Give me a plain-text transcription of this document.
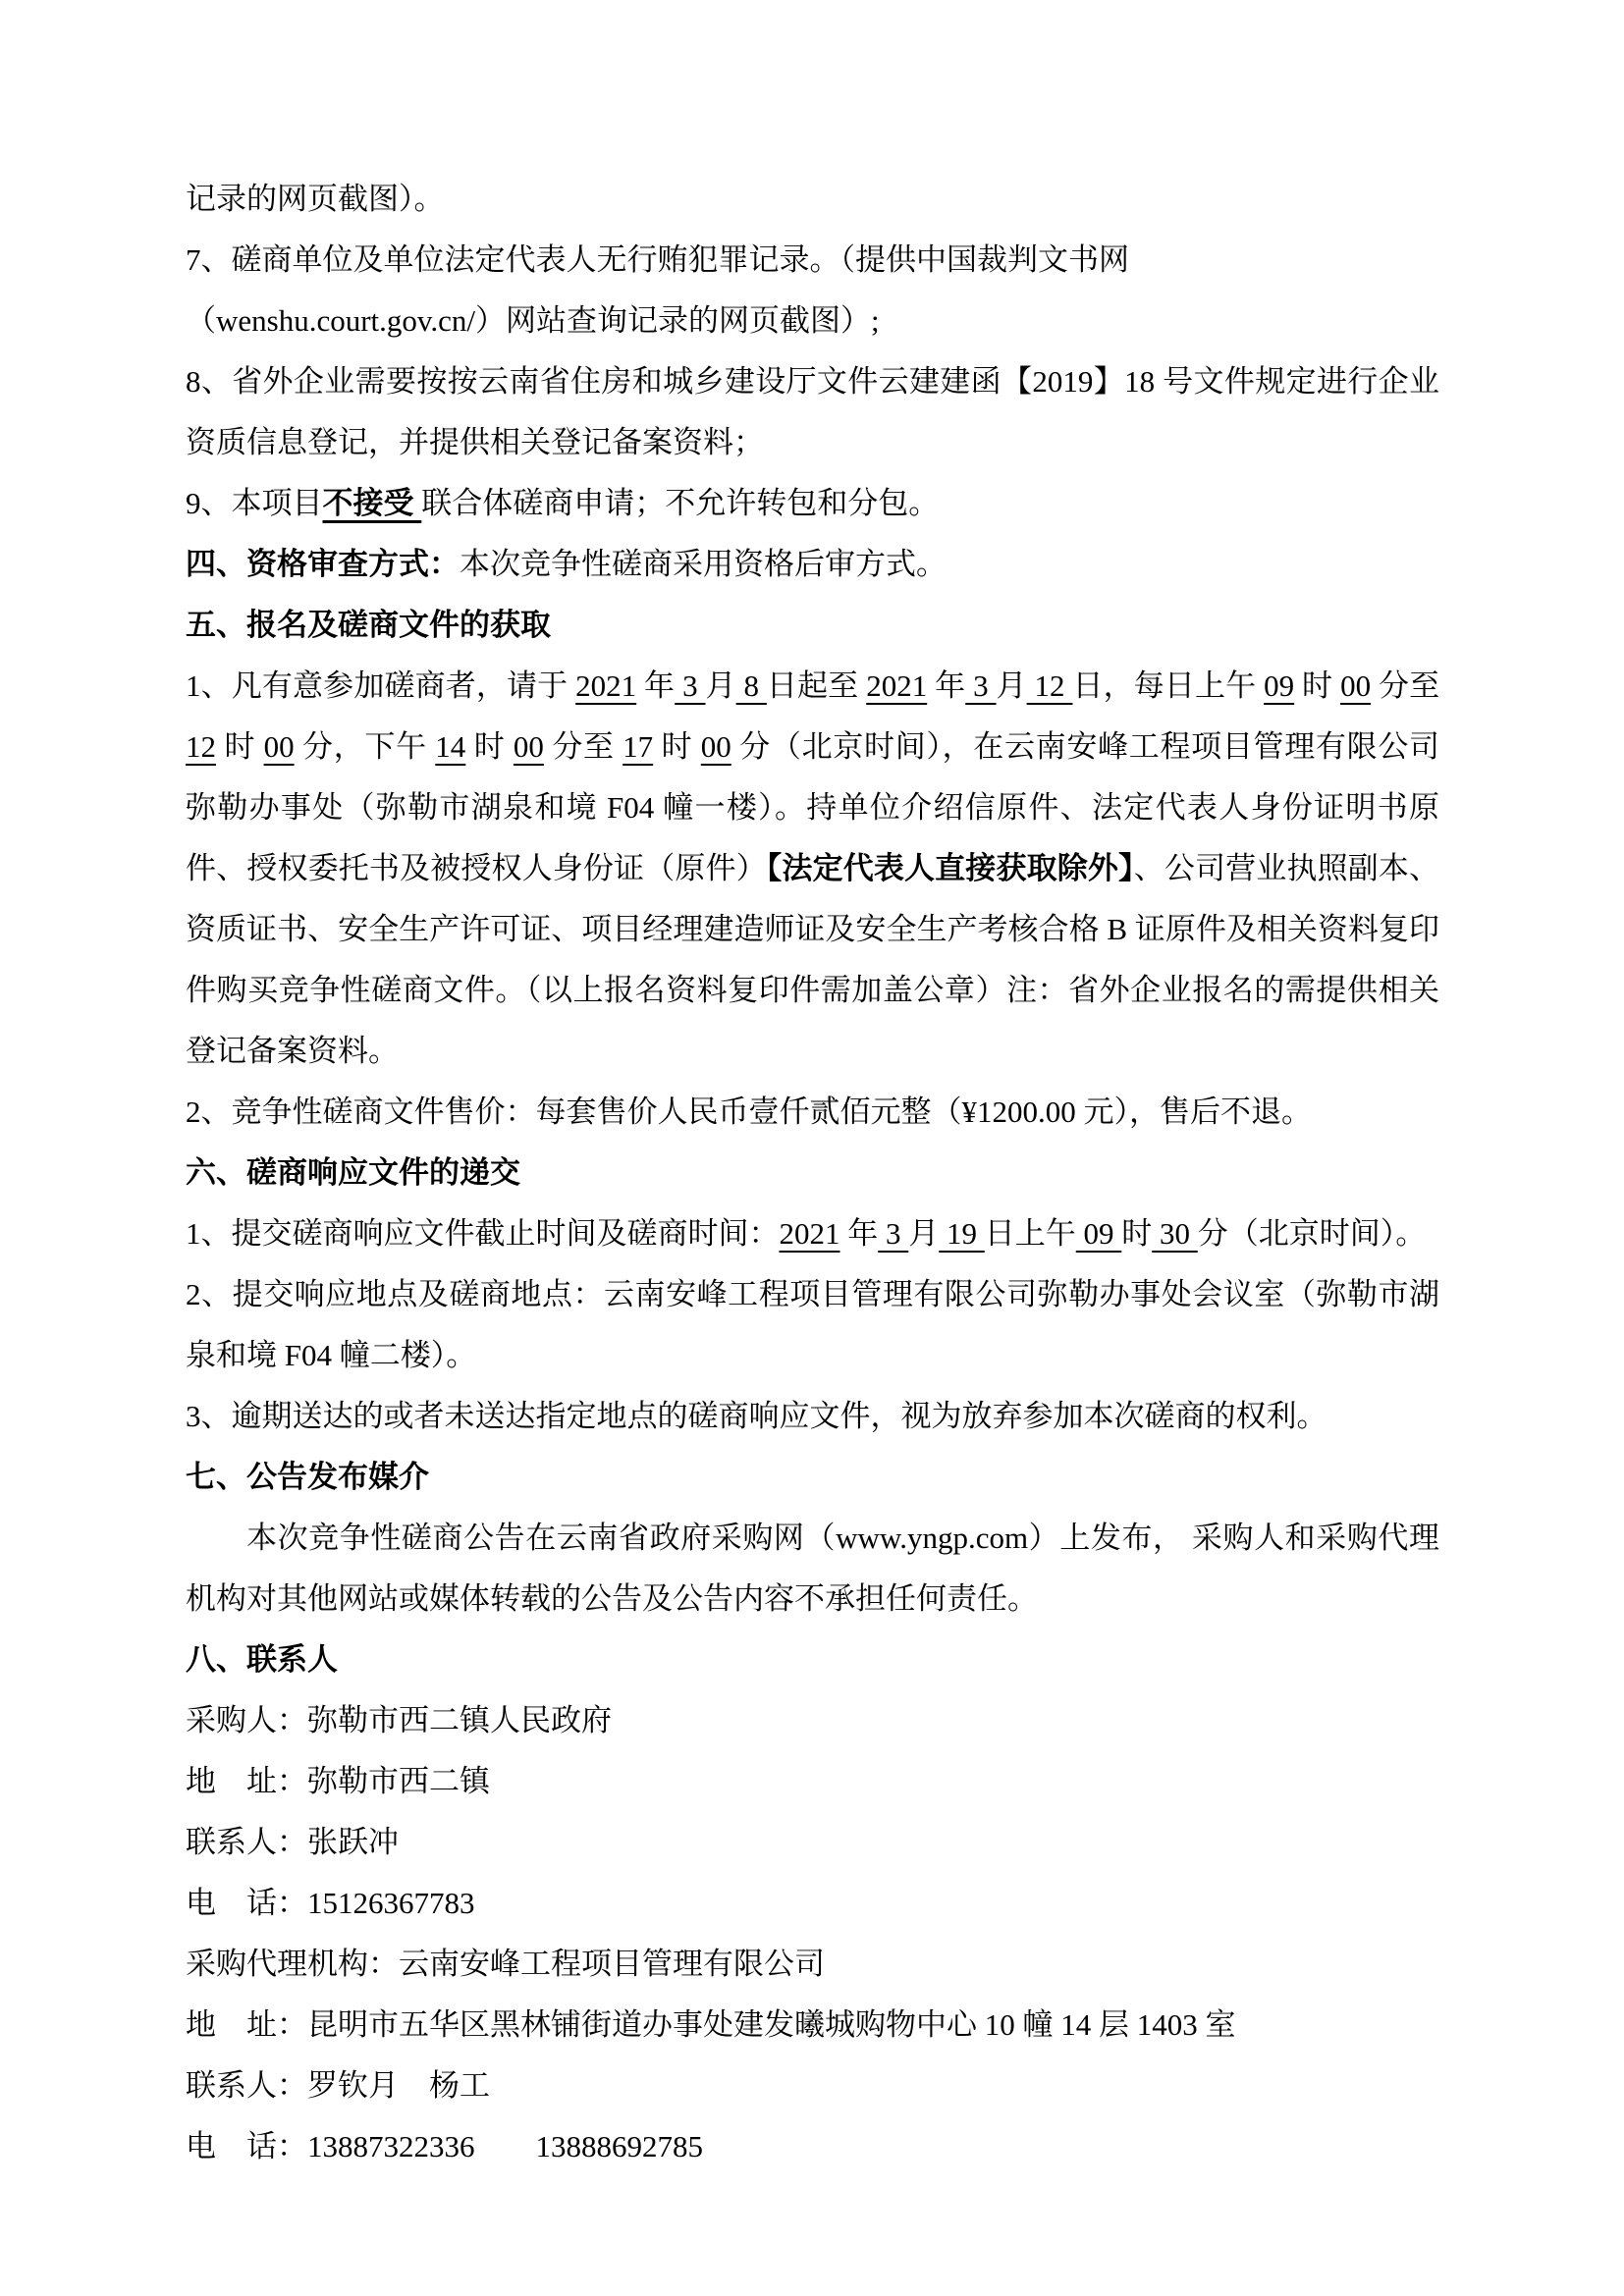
记录的网页截图）。

7、磋商单位及单位法定代表人无行贿犯罪记录。（提供中国裁判文书网

（wenshu.court.gov.cn/）网站查询记录的网页截图）;

8、省外企业需要按按云南省住房和城乡建设厅文件云建建函【2019】18 号文件规定进行企业资质信息登记，并提供相关登记备案资料；

9、本项目不接受 联合体磋商申请；不允许转包和分包。

四、资格审查方式：本次竞争性磋商采用资格后审方式。

五、报名及磋商文件的获取

1、凡有意参加磋商者，请于 2021 年 3 月 8 日起至 2021 年 3 月 12 日，每日上午 09 时 00 分至 12 时 00 分，下午 14 时 00 分至 17 时 00 分（北京时间），在云南安峰工程项目管理有限公司弥勒办事处（弥勒市湖泉和境 F04 幢一楼）。持单位介绍信原件、法定代表人身份证明书原件、授权委托书及被授权人身份证（原件）【法定代表人直接获取除外】、公司营业执照副本、资质证书、安全生产许可证、项目经理建造师证及安全生产考核合格 B 证原件及相关资料复印件购买竞争性磋商文件。（以上报名资料复印件需加盖公章）注：省外企业报名的需提供相关登记备案资料。

2、竞争性磋商文件售价：每套售价人民币壹仟贰佰元整（¥1200.00 元），售后不退。

六、磋商响应文件的递交

1、提交磋商响应文件截止时间及磋商时间：2021 年 3 月 19 日上午 09 时 30 分（北京时间）。

2、提交响应地点及磋商地点：云南安峰工程项目管理有限公司弥勒办事处会议室（弥勒市湖泉和境 F04 幢二楼）。

3、逾期送达的或者未送达指定地点的磋商响应文件，视为放弃参加本次磋商的权利。

七、公告发布媒介

本次竞争性磋商公告在云南省政府采购网（www.yngp.com）上发布， 采购人和采购代理机构对其他网站或媒体转载的公告及公告内容不承担任何责任。

八、联系人

采购人：弥勒市西二镇人民政府

地　址：弥勒市西二镇

联系人：张跃冲

电　话：15126367783

采购代理机构：云南安峰工程项目管理有限公司

地　址：昆明市五华区黑林铺街道办事处建发曦城购物中心 10 幢 14 层 1403 室

联系人：罗钦月　杨工

电　话：13887322336　　13888692785
